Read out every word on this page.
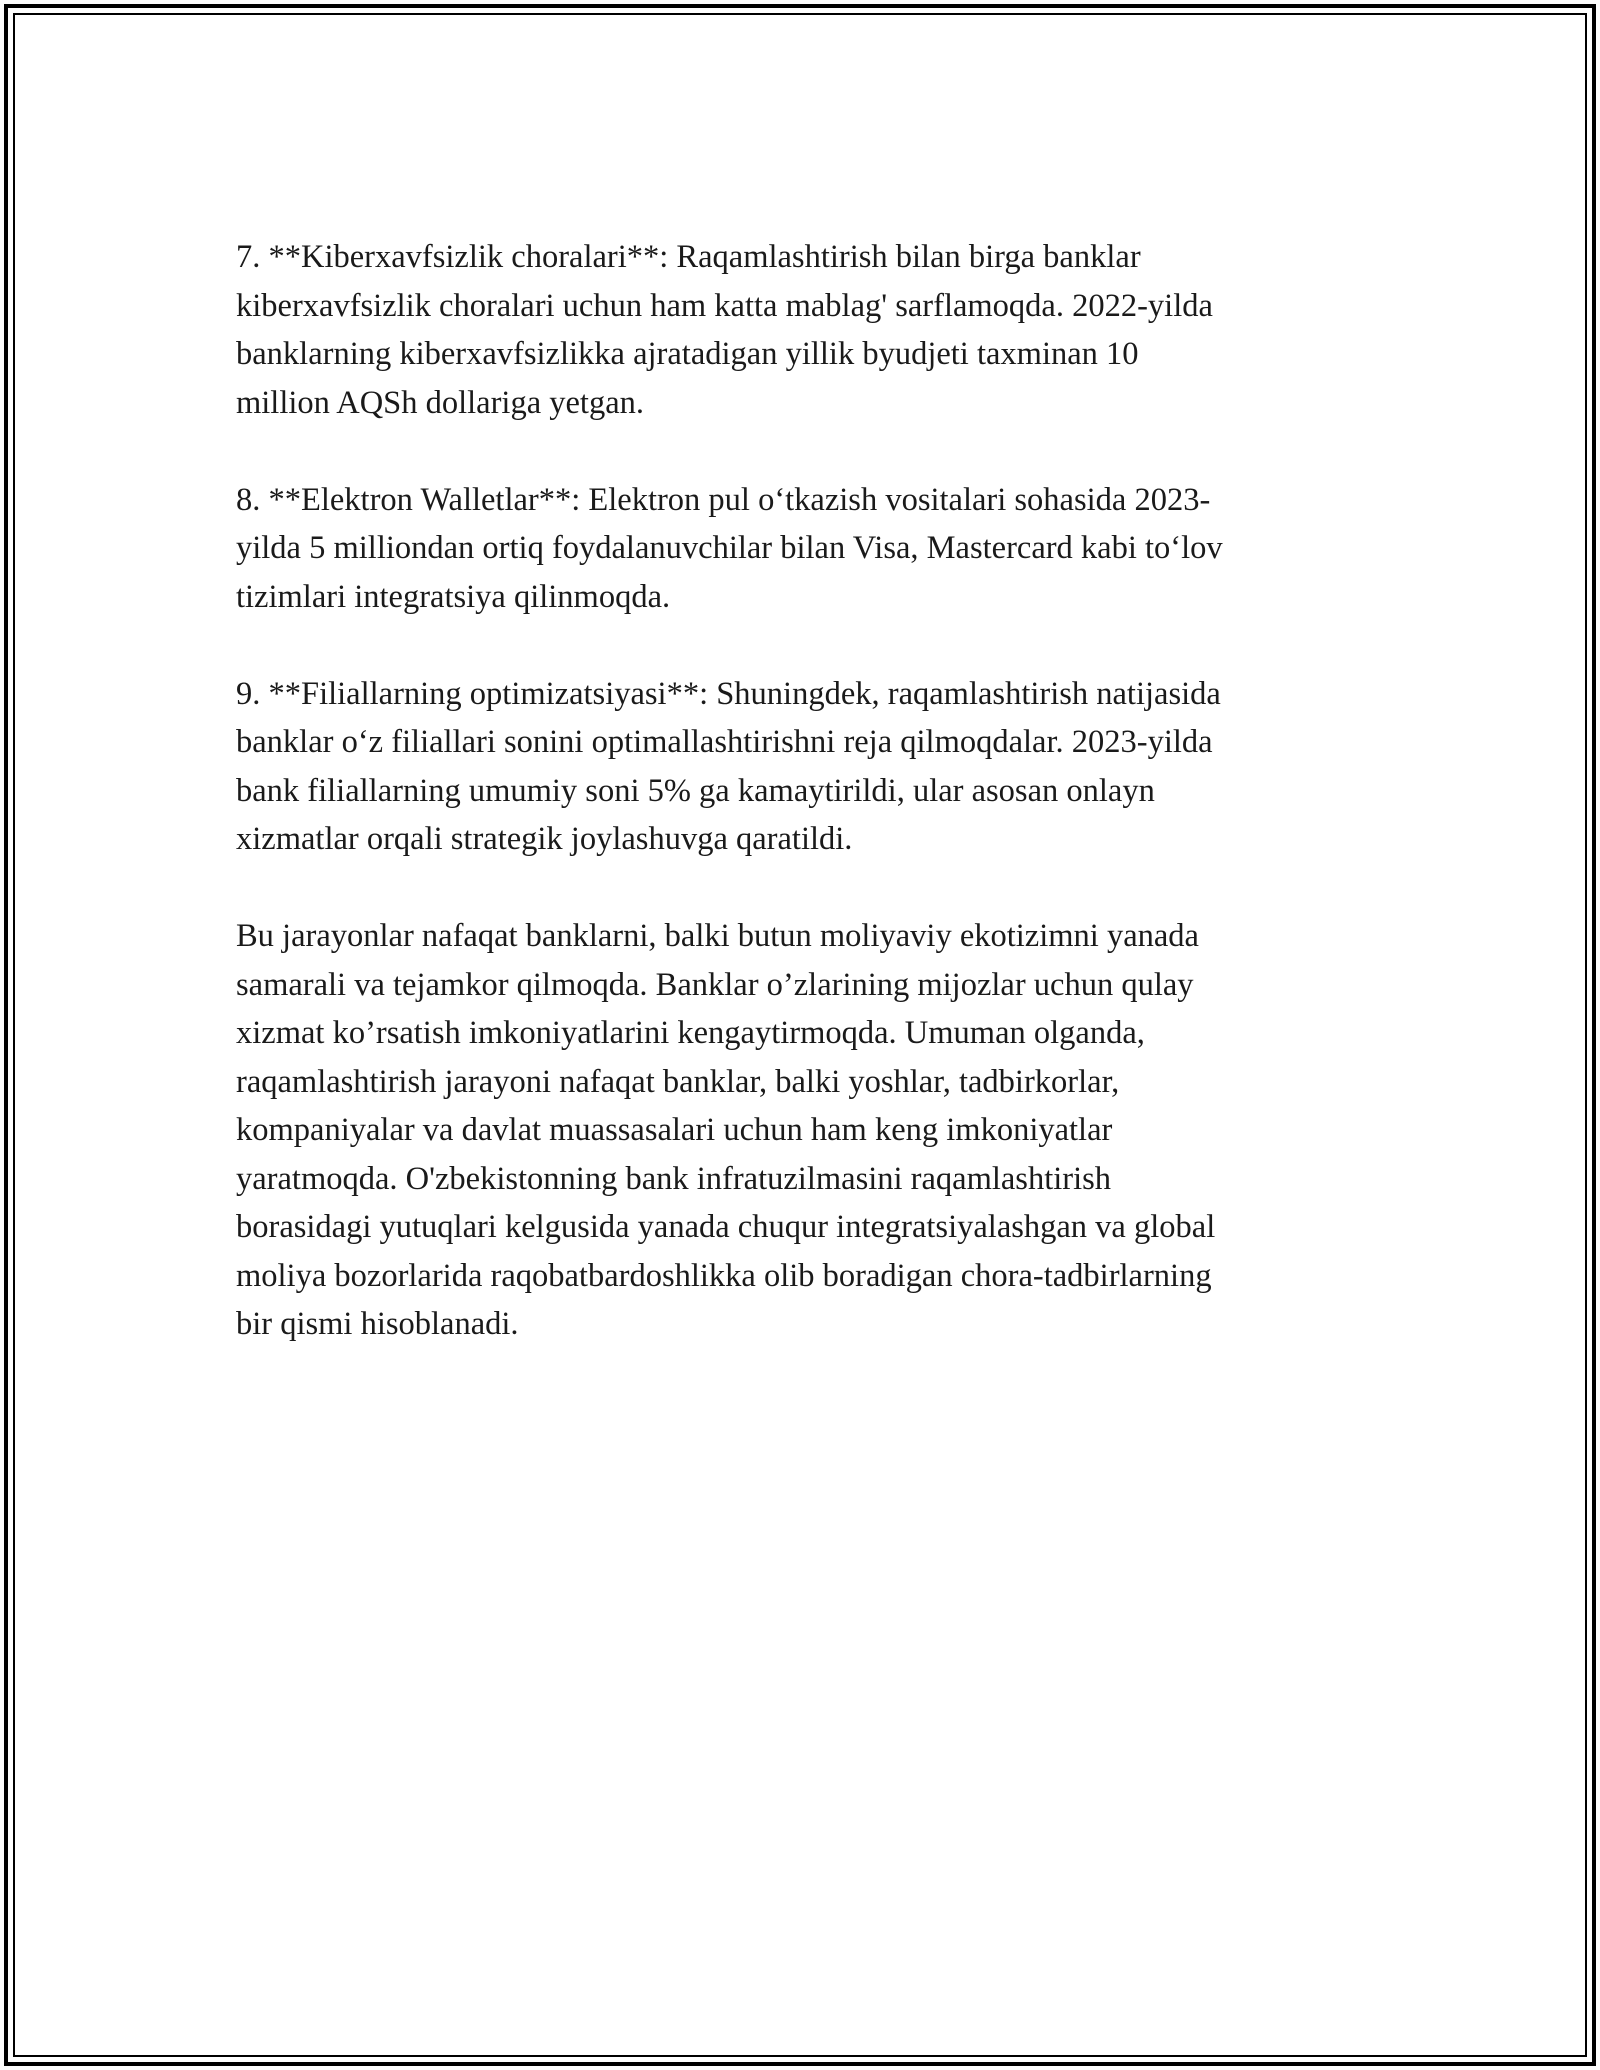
7. **Kiberxavfsizlik choralari**: Raqamlashtirish bilan birga banklar
kiberxavfsizlik choralari uchun ham katta mablag' sarflamoqda. 2022-yilda
banklarning kiberxavfsizlikka ajratadigan yillik byudjeti taxminan 10
million AQSh dollariga yetgan.

8. **Elektron Walletlar**: Elektron pul o‘tkazish vositalari sohasida 2023-
yilda 5 milliondan ortiq foydalanuvchilar bilan Visa, Mastercard kabi to‘lov
tizimlari integratsiya qilinmoqda.

9. **Filiallarning optimizatsiyasi**: Shuningdek, raqamlashtirish natijasida
banklar o‘z filiallari sonini optimallashtirishni reja qilmoqdalar. 2023-yilda
bank filiallarning umumiy soni 5% ga kamaytirildi, ular asosan onlayn
xizmatlar orqali strategik joylashuvga qaratildi.

Bu jarayonlar nafaqat banklarni, balki butun moliyaviy ekotizimni yanada
samarali va tejamkor qilmoqda. Banklar o’zlarining mijozlar uchun qulay
xizmat ko’rsatish imkoniyatlarini kengaytirmoqda. Umuman olganda,
raqamlashtirish jarayoni nafaqat banklar, balki yoshlar, tadbirkorlar,
kompaniyalar va davlat muassasalari uchun ham keng imkoniyatlar
yaratmoqda. O'zbekistonning bank infratuzilmasini raqamlashtirish
borasidagi yutuqlari kelgusida yanada chuqur integratsiyalashgan va global
moliya bozorlarida raqobatbardoshlikka olib boradigan chora-tadbirlarning
bir qismi hisoblanadi.
